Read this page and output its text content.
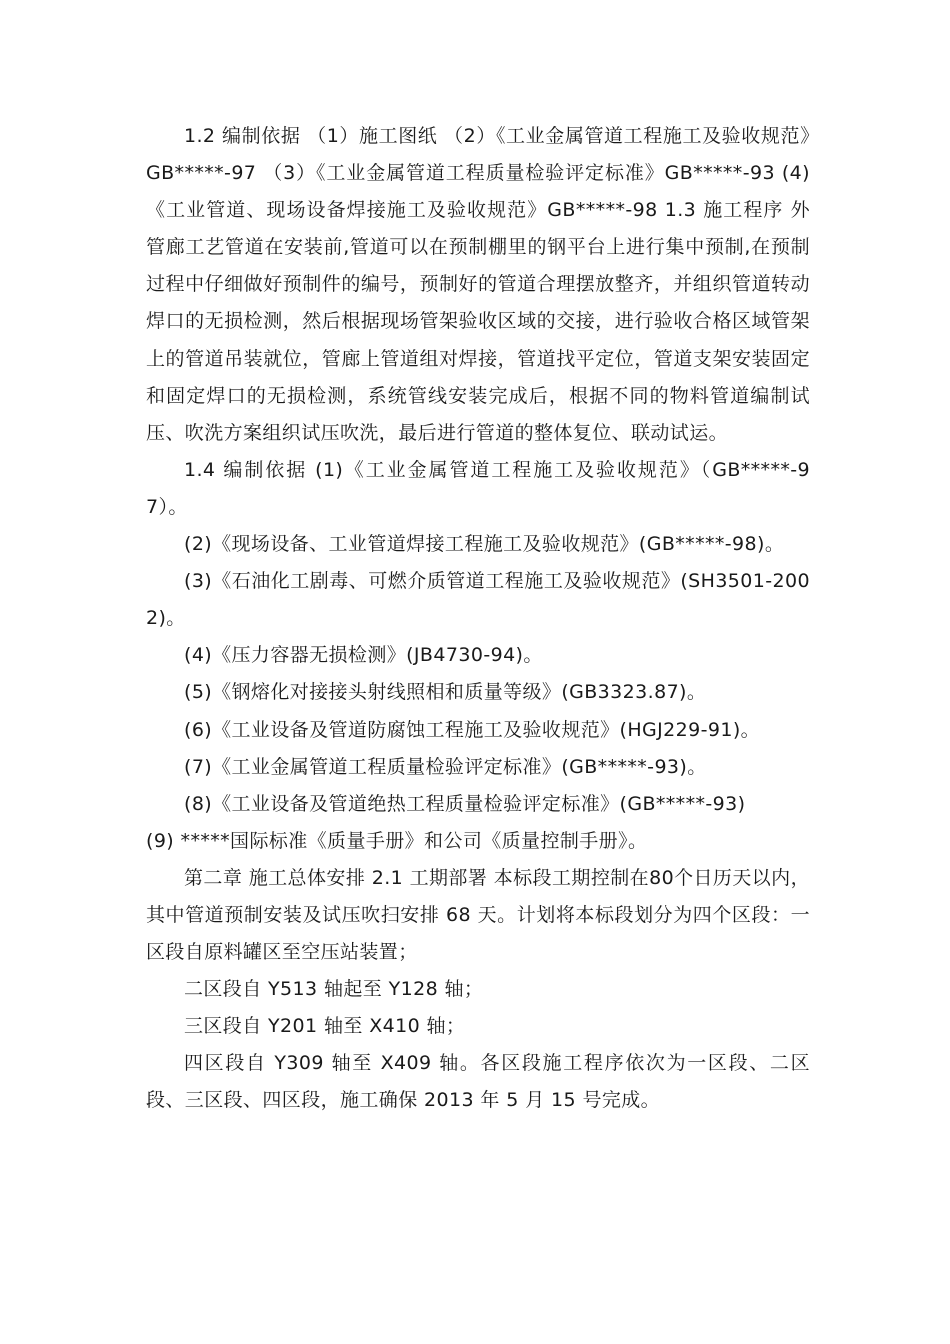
1.2 编制依据 （1）施工图纸 （2）《工业金属管道工程施工及验收规范》GB*****-97 （3）《工业金属管道工程质量检验评定标准》GB*****-93 (4)《工业管道、现场设备焊接施工及验收规范》GB*****-98 1.3 施工程序 外管廊工艺管道在安装前,管道可以在预制棚里的钢平台上进行集中预制,在预制过程中仔细做好预制件的编号，预制好的管道合理摆放整齐，并组织管道转动焊口的无损检测，然后根据现场管架验收区域的交接，进行验收合格区域管架上的管道吊装就位，管廊上管道组对焊接，管道找平定位，管道支架安装固定和固定焊口的无损检测，系统管线安装完成后，根据不同的物料管道编制试压、吹洗方案组织试压吹洗，最后进行管道的整体复位、联动试运。

1.4 编制依据 (1)《工业金属管道工程施工及验收规范》（GB*****-97）。

(2)《现场设备、工业管道焊接工程施工及验收规范》(GB*****-98)。

(3)《石油化工剧毒、可燃介质管道工程施工及验收规范》(SH3501-2002)。

(4)《压力容器无损检测》(JB4730-94)。

(5)《钢熔化对接接头射线照相和质量等级》(GB3323.87)。

(6)《工业设备及管道防腐蚀工程施工及验收规范》(HGJ229-91)。

(7)《工业金属管道工程质量检验评定标准》(GB*****-93)。

(8)《工业设备及管道绝热工程质量检验评定标准》(GB*****-93)

(9) *****国际标准《质量手册》和公司《质量控制手册》。

第二章 施工总体安排 2.1 工期部署 本标段工期控制在80个日历天以内，其中管道预制安装及试压吹扫安排 68 天。计划将本标段划分为四个区段：一区段自原料罐区至空压站装置；

二区段自 Y513 轴起至 Y128 轴；

三区段自 Y201 轴至 X410 轴；

四区段自 Y309 轴至 X409 轴。各区段施工程序依次为一区段、二区段、三区段、四区段，施工确保 2013 年 5 月 15 号完成。
